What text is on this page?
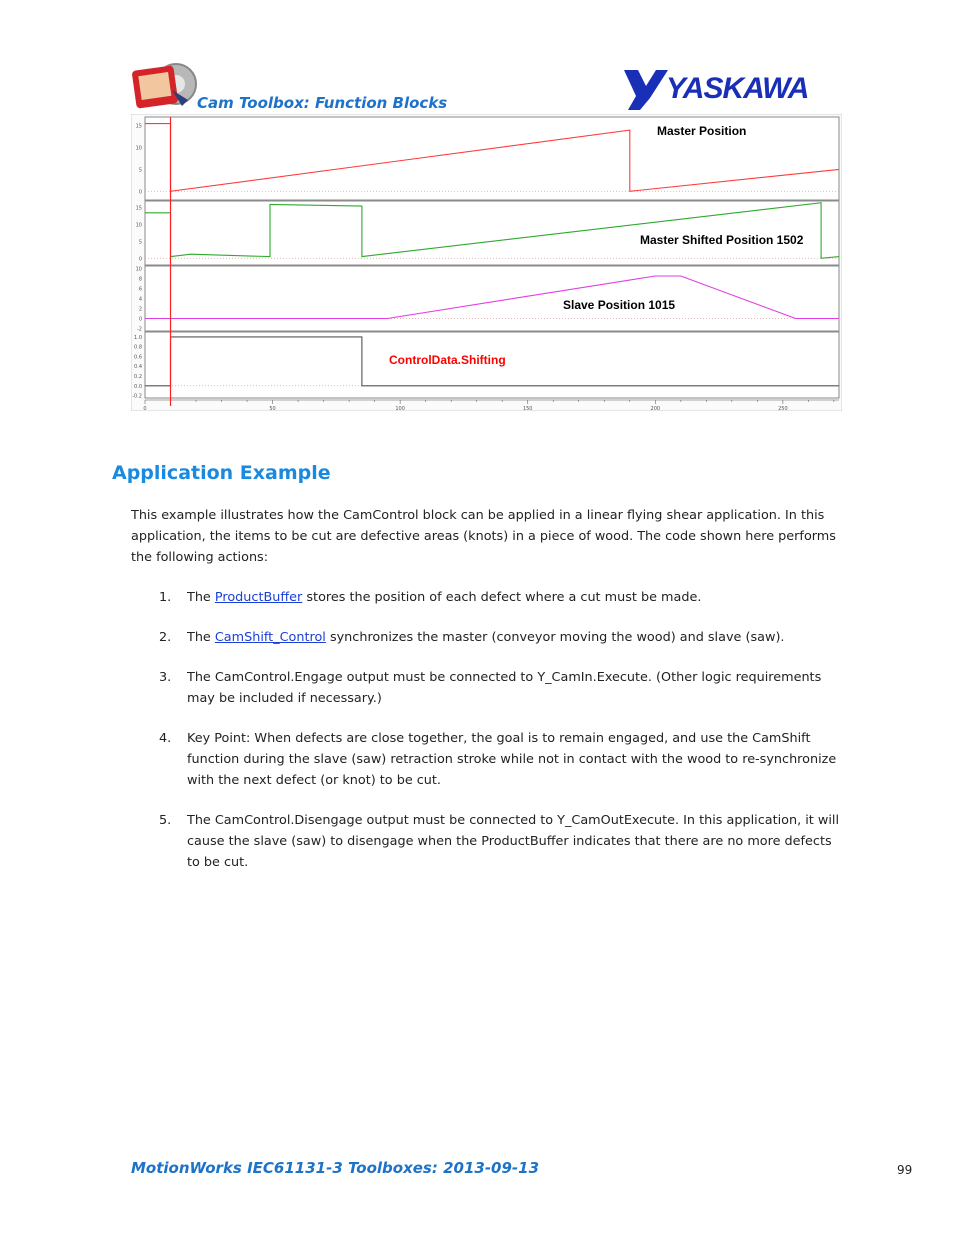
Cam Toolbox: Function Blocks	YASKAWA
15
10
5
0
Master Position
15
10
5
0
Master Shifted Position 1502
10
8
6
4
2
0
-2
Slave Position 1015
1.0
0.8
0.6
0.4
0.2
0.0
-0.2
ControlData.Shifting
0	50	100	150	200	250
Application Example
This example illustrates how the CamControl block can be applied in a linear flying shear application. In this application, the items to be cut are defective areas (knots) in a piece of wood. The code shown here performs the following actions:
1. The ProductBuffer stores the position of each defect where a cut must be made.
2. The CamShift_Control synchronizes the master (conveyor moving the wood) and slave (saw).
3. The CamControl.Engage output must be connected to Y_CamIn.Execute. (Other logic requirements may be included if necessary.)
4. Key Point: When defects are close together, the goal is to remain engaged, and use the CamShift function during the slave (saw) retraction stroke while not in contact with the wood to re-synchronize with the next defect (or knot) to be cut.
5. The CamControl.Disengage output must be connected to Y_CamOutExecute. In this application, it will cause the slave (saw) to disengage when the ProductBuffer indicates that there are no more defects to be cut.
MotionWorks IEC61131-3 Toolboxes: 2013-09-13	99
